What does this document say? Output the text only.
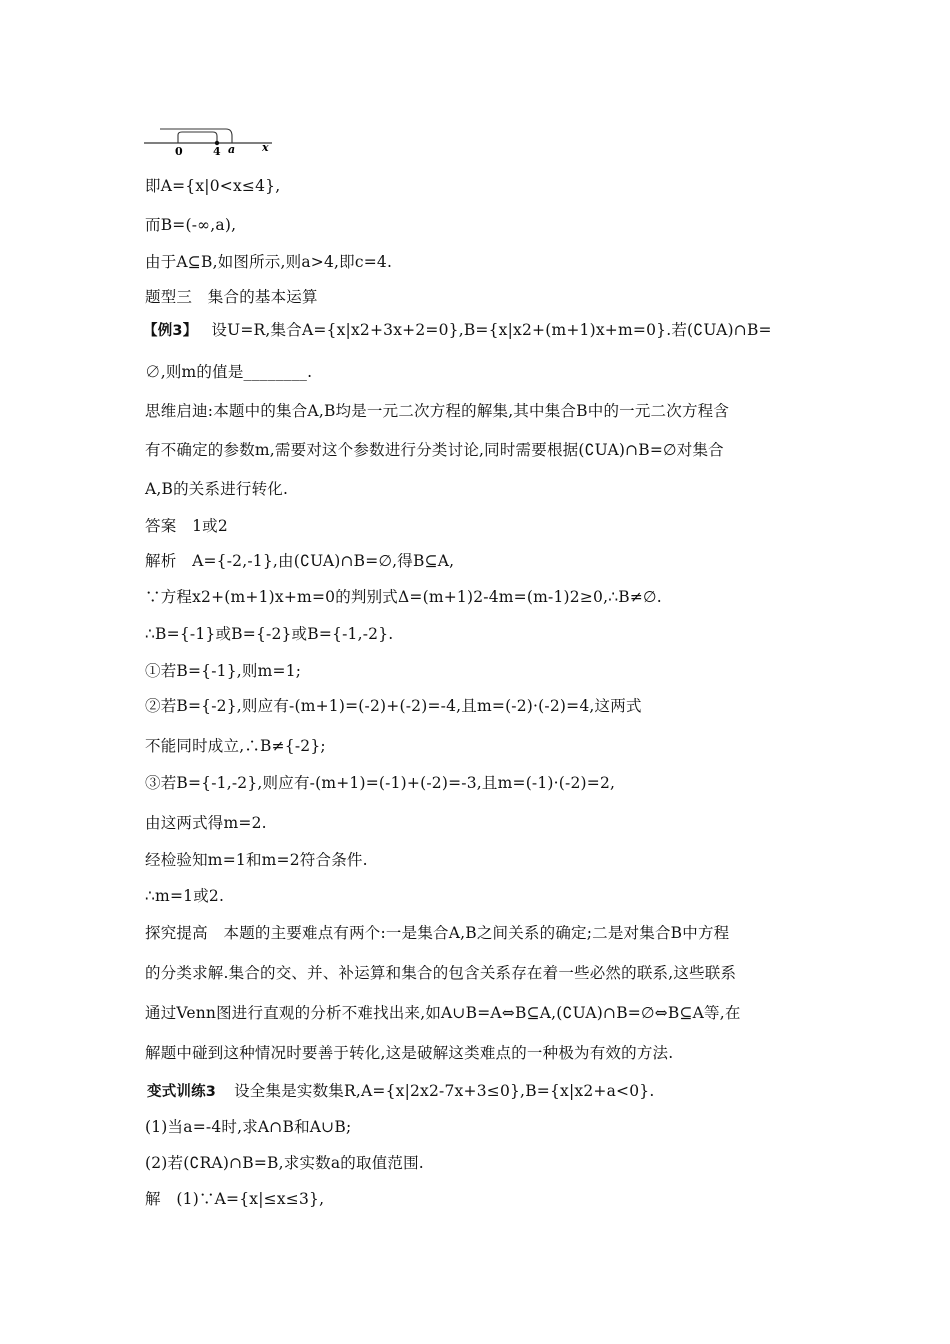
0	4 a x
即A={x|0<x≤4},
而B=(-∞,a),
由于A⊆B,如图所示,则a>4,即c=4.
题型三　集合的基本运算
【例3】 设U=R,集合A={x|x2+3x+2=0},B={x|x2+(m+1)x+m=0}.若(∁UA)∩B=
∅,则m的值是________.
思维启迪:本题中的集合A,B均是一元二次方程的解集,其中集合B中的一元二次方程含
有不确定的参数m,需要对这个参数进行分类讨论,同时需要根据(∁UA)∩B=∅对集合
A,B的关系进行转化.
答案　1或2
解析　A={-2,-1},由(∁UA)∩B=∅,得B⊆A,
∵方程x2+(m+1)x+m=0的判别式Δ=(m+1)2-4m=(m-1)2≥0,∴B≠∅.
∴B={-1}或B={-2}或B={-1,-2}.
①若B={-1},则m=1;
②若B={-2},则应有-(m+1)=(-2)+(-2)=-4,且m=(-2)·(-2)=4,这两式
不能同时成立,∴B≠{-2};
③若B={-1,-2},则应有-(m+1)=(-1)+(-2)=-3,且m=(-1)·(-2)=2,
由这两式得m=2.
经检验知m=1和m=2符合条件.
∴m=1或2.
探究提高　本题的主要难点有两个:一是集合A,B之间关系的确定;二是对集合B中方程
的分类求解.集合的交、并、补运算和集合的包含关系存在着一些必然的联系,这些联系
通过Venn图进行直观的分析不难找出来,如A∪B=A⇔B⊆A,(∁UA)∩B=∅⇔B⊆A等,在
解题中碰到这种情况时要善于转化,这是破解这类难点的一种极为有效的方法.
变式训练3 设全集是实数集R,A={x|2x2-7x+3≤0},B={x|x2+a<0}.
(1)当a=-4时,求A∩B和A∪B;
(2)若(∁RA)∩B=B,求实数a的取值范围.
解　(1)∵A={x|≤x≤3},
